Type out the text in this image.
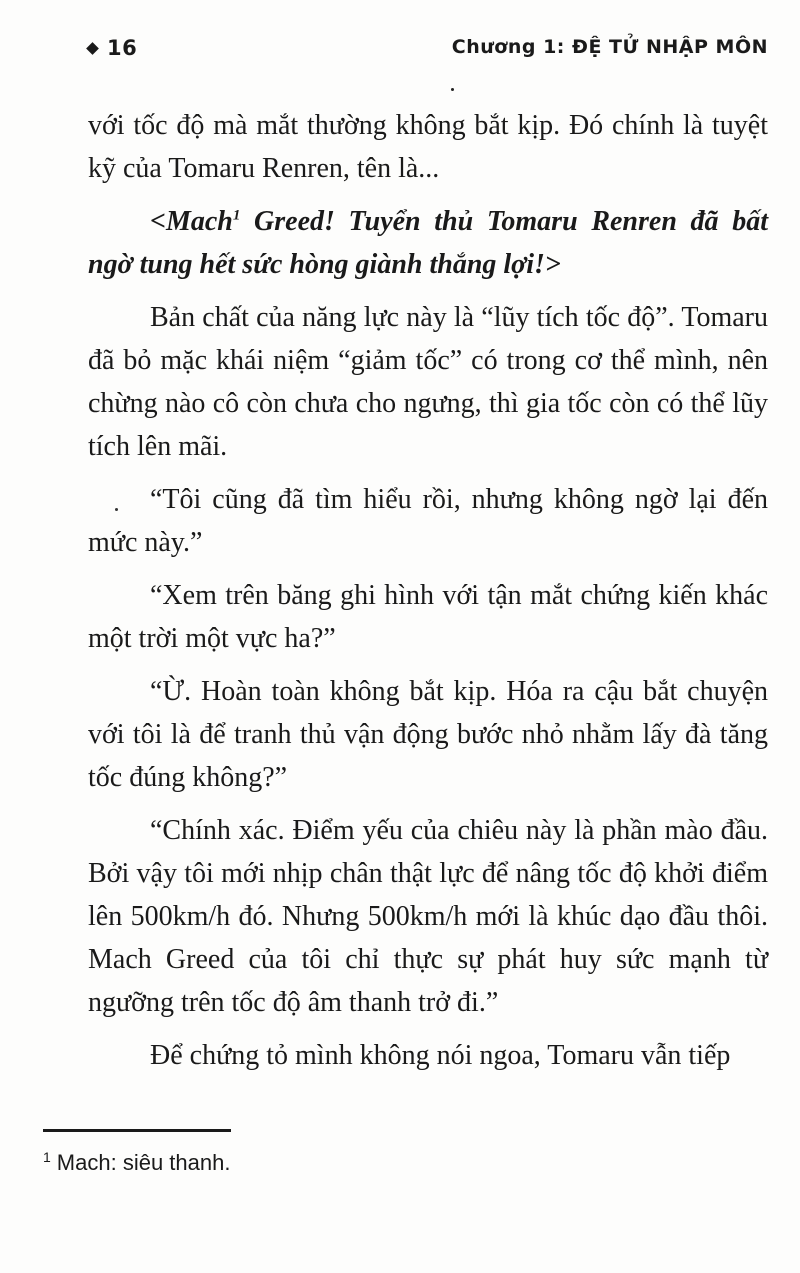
16	Chương 1: ĐỆ TỬ NHẬP MÔN

với tốc độ mà mắt thường không bắt kịp. Đó chính là tuyệt kỹ của Tomaru Renren, tên là...

<Mach$^1$ Greed! Tuyển thủ Tomaru Renren đã bất ngờ tung hết sức hòng giành thắng lợi!>

Bản chất của năng lực này là “lũy tích tốc độ”. Tomaru đã bỏ mặc khái niệm “giảm tốc” có trong cơ thể mình, nên chừng nào cô còn chưa cho ngưng, thì gia tốc còn có thể lũy tích lên mãi.

“Tôi cũng đã tìm hiểu rồi, nhưng không ngờ lại đến mức này.”

“Xem trên băng ghi hình với tận mắt chứng kiến khác một trời một vực ha?”

“Ừ. Hoàn toàn không bắt kịp. Hóa ra cậu bắt chuyện với tôi là để tranh thủ vận động bước nhỏ nhằm lấy đà tăng tốc đúng không?”

“Chính xác. Điểm yếu của chiêu này là phần mào đầu. Bởi vậy tôi mới nhịp chân thật lực để nâng tốc độ khởi điểm lên 500km/h đó. Nhưng 500km/h mới là khúc dạo đầu thôi. Mach Greed của tôi chỉ thực sự phát huy sức mạnh từ ngưỡng trên tốc độ âm thanh trở đi.”

Để chứng tỏ mình không nói ngoa, Tomaru vẫn tiếp

$^1$ Mach: siêu thanh.
